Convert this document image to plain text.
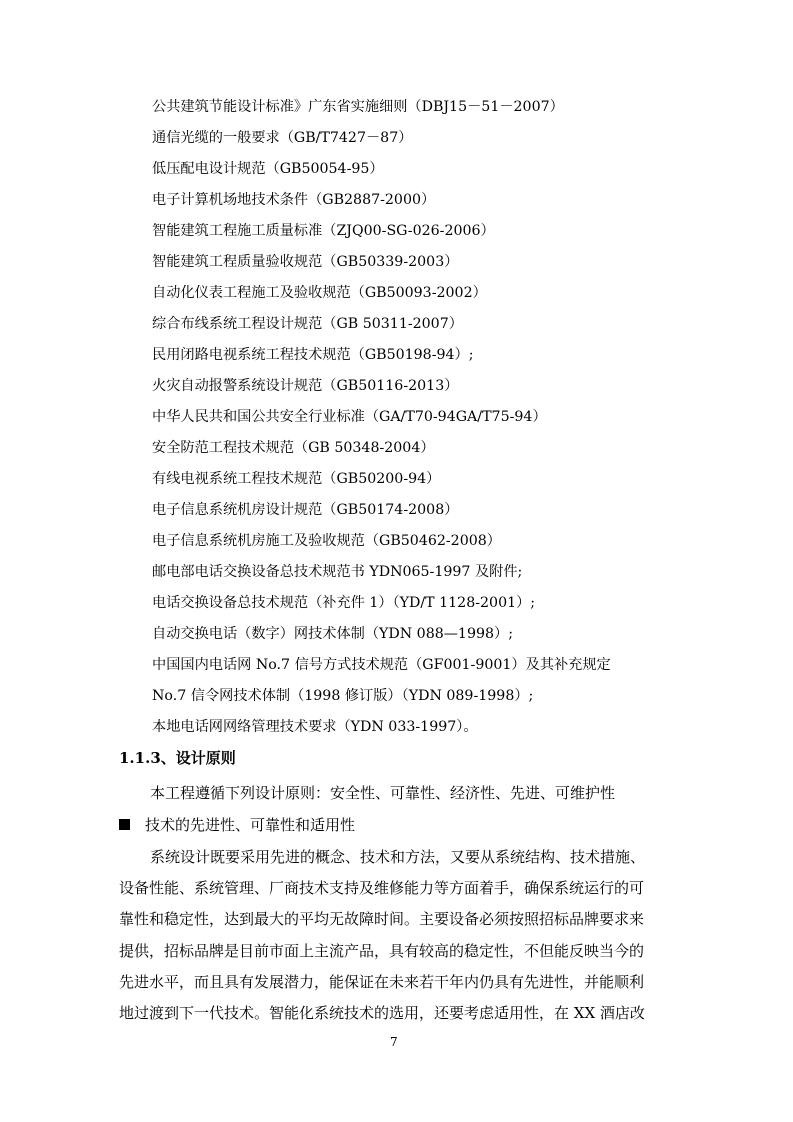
公共建筑节能设计标准》广东省实施细则（DBJ15－51－2007）
通信光缆的一般要求（GB/T7427－87）
低压配电设计规范（GB50054-95）
电子计算机场地技术条件（GB2887-2000）
智能建筑工程施工质量标准（ZJQ00-SG-026-2006）
智能建筑工程质量验收规范（GB50339-2003）
自动化仪表工程施工及验收规范（GB50093-2002）
综合布线系统工程设计规范（GB 50311-2007）
民用闭路电视系统工程技术规范（GB50198-94）;
火灾自动报警系统设计规范（GB50116-2013）
中华人民共和国公共安全行业标准（GA/T70-94GA/T75-94）
安全防范工程技术规范（GB 50348-2004）
有线电视系统工程技术规范（GB50200-94）
电子信息系统机房设计规范（GB50174-2008）
电子信息系统机房施工及验收规范（GB50462-2008）
邮电部电话交换设备总技术规范书 YDN065-1997 及附件;
电话交换设备总技术规范（补充件 1）（YD/T 1128-2001）;
自动交换电话（数字）网技术体制（YDN 088—1998）;
中国国内电话网 No.7 信号方式技术规范（GF001-9001）及其补充规定
No.7 信令网技术体制（1998 修订版）（YDN 089-1998）;
本地电话网网络管理技术要求（YDN 033-1997）。
1.1.3、设计原则
本工程遵循下列设计原则：安全性、可靠性、经济性、先进、可维护性
技术的先进性、可靠性和适用性

系统设计既要采用先进的概念、技术和方法，又要从系统结构、技术措施、
设备性能、系统管理、厂商技术支持及维修能力等方面着手，确保系统运行的可
靠性和稳定性，达到最大的平均无故障时间。主要设备必须按照招标品牌要求来
提供，招标品牌是目前市面上主流产品，具有较高的稳定性，不但能反映当今的
先进水平，而且具有发展潜力，能保证在未来若干年内仍具有先进性，并能顺利
地过渡到下一代技术。智能化系统技术的选用，还要考虑适用性，在 XX 酒店改

7
